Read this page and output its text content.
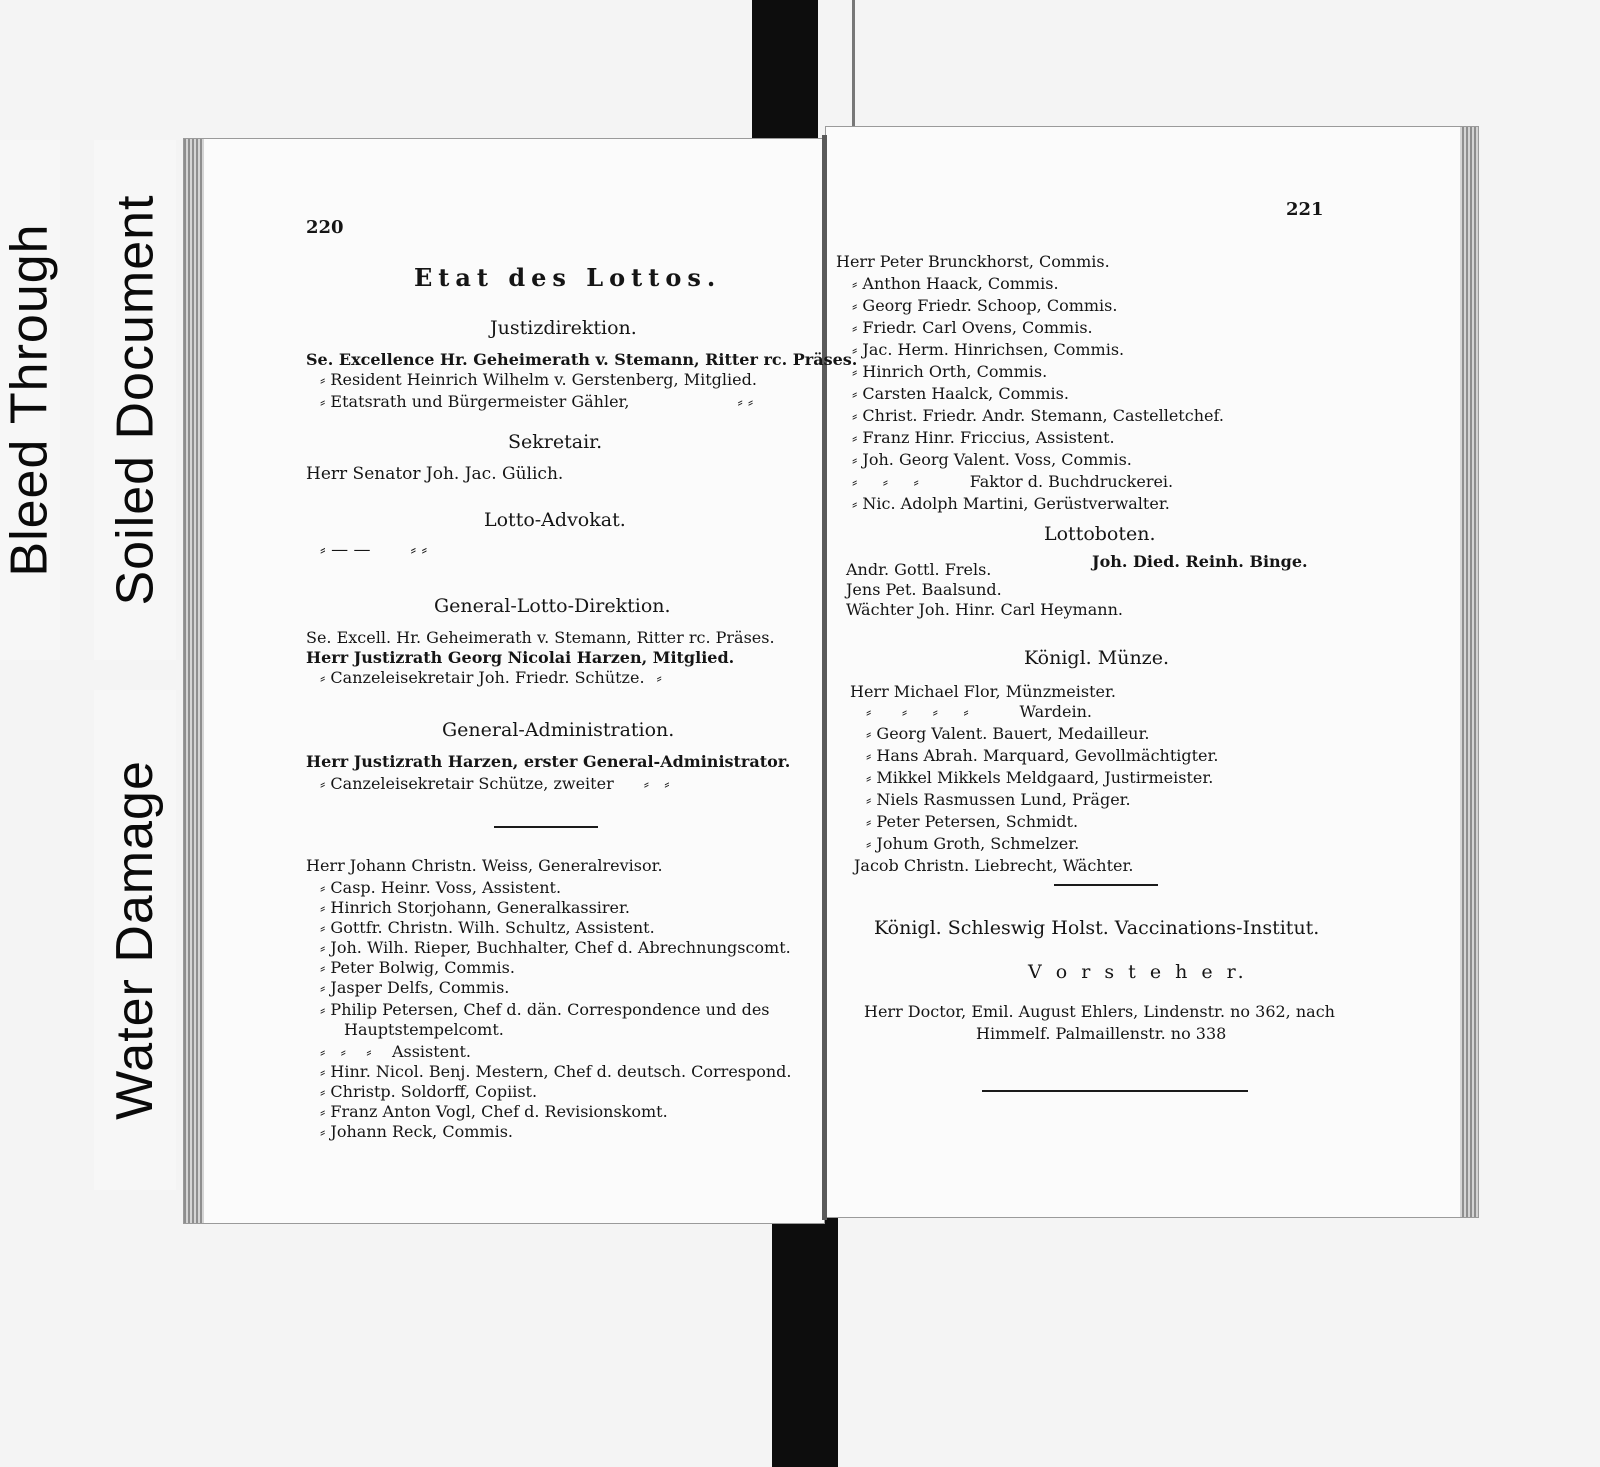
Bleed Through Soiled Document
Water Damage
220
Etat des Lottos.
Justizdirektion.
Se. Excellence Hr. Geheimerath v. Stemann, Ritter rc. Präses.
⸗ Resident Heinrich Wilhelm v. Gerstenberg, Mitglied.
⸗ Etatsrath und Bürgermeister Gähler,	⸗ ⸗
Sekretair.
Herr Senator Joh. Jac. Gülich.
Lotto-Advokat.
⸗ — — ⸗ ⸗
General-Lotto-Direktion.
Se. Excell. Hr. Geheimerath v. Stemann, Ritter rc. Präses.
Herr Justizrath Georg Nicolai Harzen, Mitglied.
⸗ Canzeleisekretair Joh. Friedr. Schütze. ⸗
General-Administration.
Herr Justizrath Harzen, erster General-Administrator.
⸗ Canzeleisekretair Schütze, zweiter ⸗   ⸗
Herr Johann Christn. Weiss, Generalrevisor.
⸗ Casp. Heinr. Voss, Assistent.
⸗ Hinrich Storjohann, Generalkassirer.
⸗ Gottfr. Christn. Wilh. Schultz, Assistent.
⸗ Joh. Wilh. Rieper, Buchhalter, Chef d. Abrechnungscomt.
⸗ Peter Bolwig, Commis.
⸗ Jasper Delfs, Commis.
⸗ Philip Petersen, Chef d. dän. Correspondence und des
Hauptstempelcomt.
⸗   ⸗    ⸗    Assistent.
⸗ Hinr. Nicol. Benj. Mestern, Chef d. deutsch. Correspond.
⸗ Christp. Soldorff, Copiist.
⸗ Franz Anton Vogl, Chef d. Revisionskomt.
⸗ Johann Reck, Commis.
221
Herr Peter Brunckhorst, Commis.
⸗ Anthon Haack, Commis.
⸗ Georg Friedr. Schoop, Commis.
⸗ Friedr. Carl Ovens, Commis.
⸗ Jac. Herm. Hinrichsen, Commis.
⸗ Hinrich Orth, Commis.
⸗ Carsten Haalck, Commis.
⸗ Christ. Friedr. Andr. Stemann, Castelletchef.
⸗ Franz Hinr. Friccius, Assistent.
⸗ Joh. Georg Valent. Voss, Commis.
⸗     ⸗     ⸗          Faktor d. Buchdruckerei.
⸗ Nic. Adolph Martini, Gerüstverwalter.
Lottoboten.
Andr. Gottl. Frels.	Joh. Died. Reinh. Binge.
Jens Pet. Baalsund.
Wächter Joh. Hinr. Carl Heymann.
Königl. Münze.
Herr Michael Flor, Münzmeister.
⸗      ⸗     ⸗     ⸗          Wardein.
⸗ Georg Valent. Bauert, Medailleur.
⸗ Hans Abrah. Marquard, Gevollmächtigter.
⸗ Mikkel Mikkels Meldgaard, Justirmeister.
⸗ Niels Rasmussen Lund, Präger.
⸗ Peter Petersen, Schmidt.
⸗ Johum Groth, Schmelzer.
Jacob Christn. Liebrecht, Wächter.
Königl. Schleswig Holst. Vaccinations-Institut.
V o r s t e h e r.
Herr Doctor, Emil. August Ehlers, Lindenstr. no 362, nach
Himmelf. Palmaillenstr. no 338
